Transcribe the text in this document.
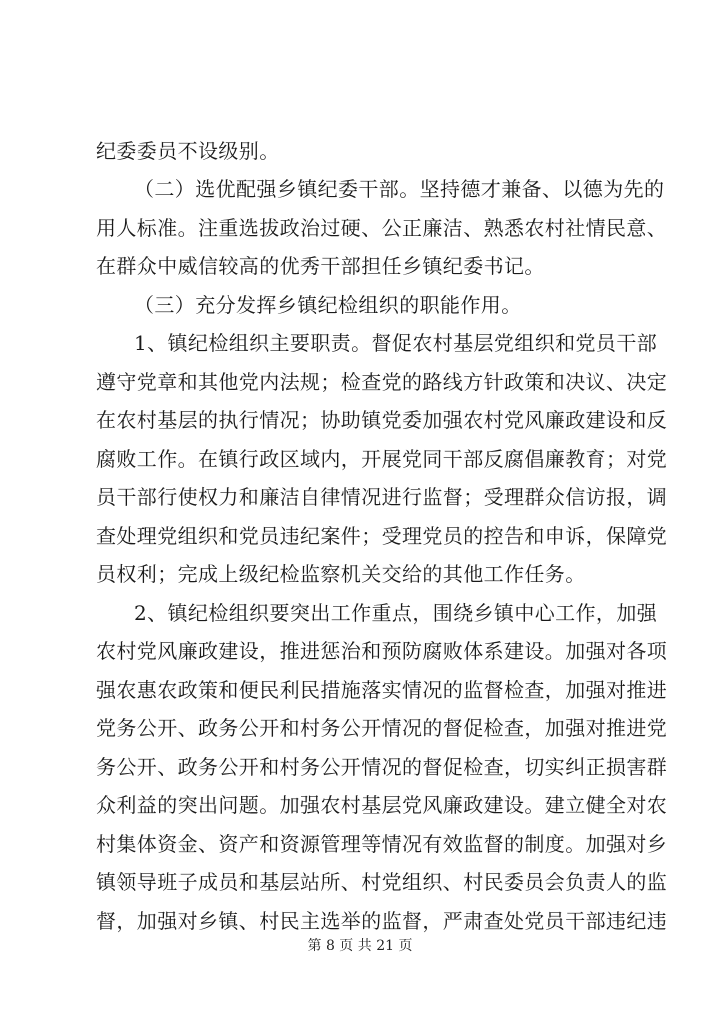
纪委委员不设级别。
（二）选优配强乡镇纪委干部。坚持德才兼备、以德为先的
用人标准。注重选拔政治过硬、公正廉洁、熟悉农村社情民意、
在群众中威信较高的优秀干部担任乡镇纪委书记。
（三）充分发挥乡镇纪检组织的职能作用。
1、镇纪检组织主要职责。督促农村基层党组织和党员干部
遵守党章和其他党内法规；检查党的路线方针政策和决议、决定
在农村基层的执行情况；协助镇党委加强农村党风廉政建设和反
腐败工作。在镇行政区域内，开展党同干部反腐倡廉教育；对党
员干部行使权力和廉洁自律情况进行监督；受理群众信访报，调
查处理党组织和党员违纪案件；受理党员的控告和申诉，保障党
员权利；完成上级纪检监察机关交给的其他工作任务。
2、镇纪检组织要突出工作重点，围绕乡镇中心工作，加强
农村党风廉政建设，推进惩治和预防腐败体系建设。加强对各项
强农惠农政策和便民利民措施落实情况的监督检查，加强对推进
党务公开、政务公开和村务公开情况的督促检查，加强对推进党
务公开、政务公开和村务公开情况的督促检查，切实纠正损害群
众利益的突出问题。加强农村基层党风廉政建设。建立健全对农
村集体资金、资产和资源管理等情况有效监督的制度。加强对乡
镇领导班子成员和基层站所、村党组织、村民委员会负责人的监
督，加强对乡镇、村民主选举的监督，严肃查处党员干部违纪违
第 8 页 共 21 页
